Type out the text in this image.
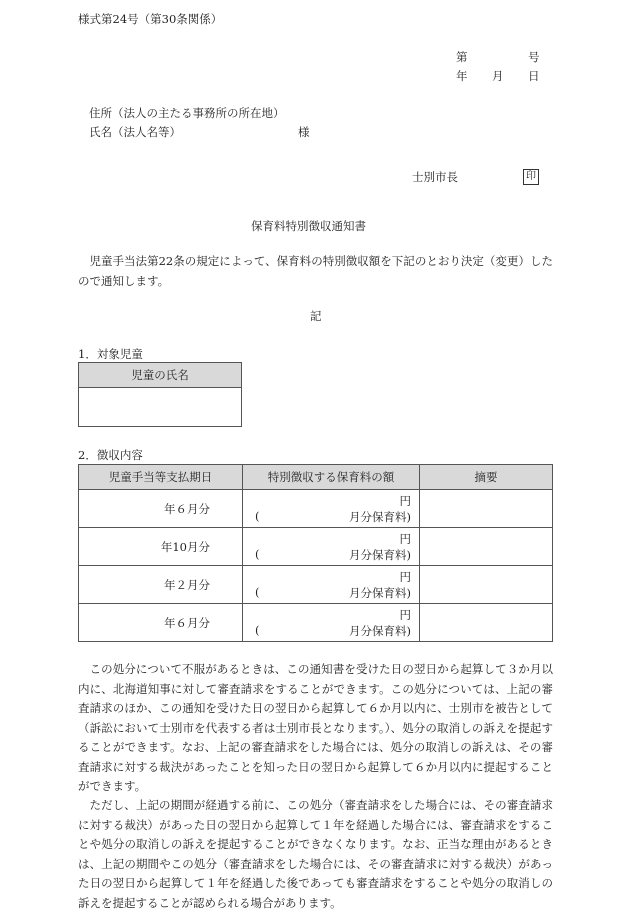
様式第24号（第30条関係）
第	号
年 月 日
住所（法人の主たる事務所の所在地）
氏名（法人名等）	様
士別市長	印
保育料特別徴収通知書
児童手当法第22条の規定によって、保育料の特別徴収額を下記のとおり決定（変更）したので通知します。
記
1．対象児童
児童の氏名

2．徴収内容
児童手当等支払期日	特別徴収する保育料の額	摘要
年６月分	円
( 月分保育料)	

年10月分	円
( 月分保育料)	

年２月分	円
( 月分保育料)	

年６月分	円
( 月分保育料)	

この処分について不服があるときは、この通知書を受けた日の翌日から起算して３か月以内に、北海道知事に対して審査請求をすることができます。この処分については、上記の審査請求のほか、この通知を受けた日の翌日から起算して６か月以内に、士別市を被告として（訴訟において士別市を代表する者は士別市長となります。）、処分の取消しの訴えを提起することができます。なお、上記の審査請求をした場合には、処分の取消しの訴えは、その審査請求に対する裁決があったことを知った日の翌日から起算して６か月以内に提起することができます。
ただし、上記の期間が経過する前に、この処分（審査請求をした場合には、その審査請求に対する裁決）があった日の翌日から起算して１年を経過した場合には、審査請求をすることや処分の取消しの訴えを提起することができなくなります。なお、正当な理由があるときは、上記の期間やこの処分（審査請求をした場合には、その審査請求に対する裁決）があった日の翌日から起算して１年を経過した後であっても審査請求をすることや処分の取消しの訴えを提起することが認められる場合があります。
